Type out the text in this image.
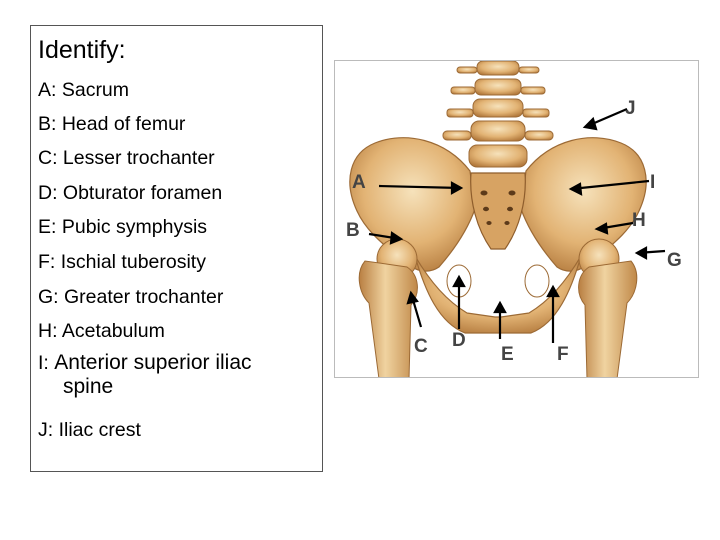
Identify:
A: Sacrum
B: Head of femur
C: Lesser trochanter
D: Obturator foramen
E: Pubic symphysis
F: Ischial tuberosity
G: Greater trochanter
H: Acetabulum
I: Anterior superior iliac
spine
J: Iliac crest
J
A	I
H
B
G
C D
E F
